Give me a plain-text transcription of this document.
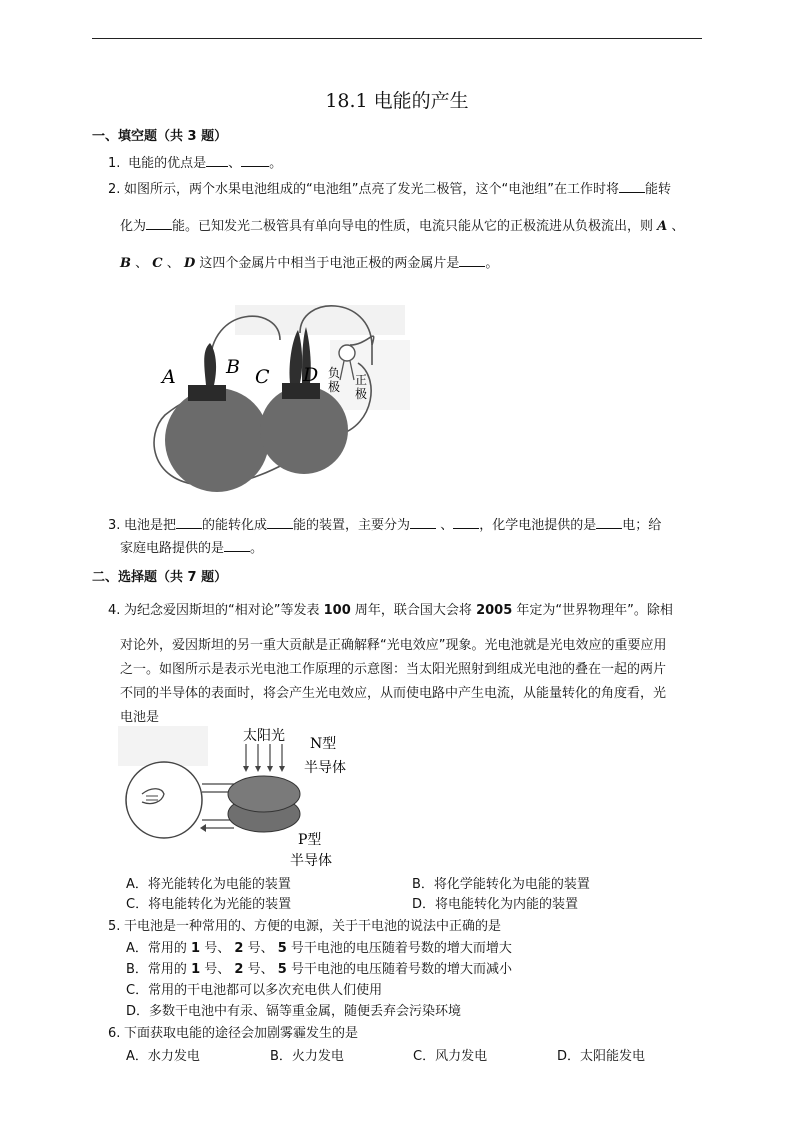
18.1 电能的产生
一、填空题（共 3 题）
1. 电能的优点是 、 。
2. 如图所示，两个水果电池组成的“电池组”点亮了发光二极管，这个“电池组”在工作时将 能转
化为 能。已知发光二极管具有单向导电的性质，电流只能从它的正极流进从负极流出，则 A 、
B 、 C 、 D 这四个金属片中相当于电池正极的两金属片是 。
A	B C D 负
极 正
极
3. 电池是把 的能转化成 能的装置，主要分为 、 ，化学电池提供的是 电；给
家庭电路提供的是 。
二、选择题（共 7 题）
4. 为纪念爱因斯坦的“相对论”等发表 100 周年，联合国大会将 2005 年定为“世界物理年”。除相
对论外，爱因斯坦的另一重大贡献是正确解释“光电效应”现象。光电池就是光电效应的重要应用
之一。如图所示是表示光电池工作原理的示意图：当太阳光照射到组成光电池的叠在一起的两片
不同的半导体的表面时，将会产生光电效应，从而使电路中产生电流，从能量转化的角度看，光
电池是
太阳光 N型
半导体
P型
半导体
A．将光能转化为电能的装置	B．将化学能转化为电能的装置
C．将电能转化为光能的装置	D．将电能转化为内能的装置
5. 干电池是一种常用的、方便的电源，关于干电池的说法中正确的是
A．常用的 1 号、 2 号、 5 号干电池的电压随着号数的增大而增大
B．常用的 1 号、 2 号、 5 号干电池的电压随着号数的增大而减小
C．常用的干电池都可以多次充电供人们使用
D．多数干电池中有汞、镉等重金属，随便丢弃会污染环境
6. 下面获取电能的途径会加剧雾霾发生的是
A．水力发电	B．火力发电	C．风力发电	D．太阳能发电
